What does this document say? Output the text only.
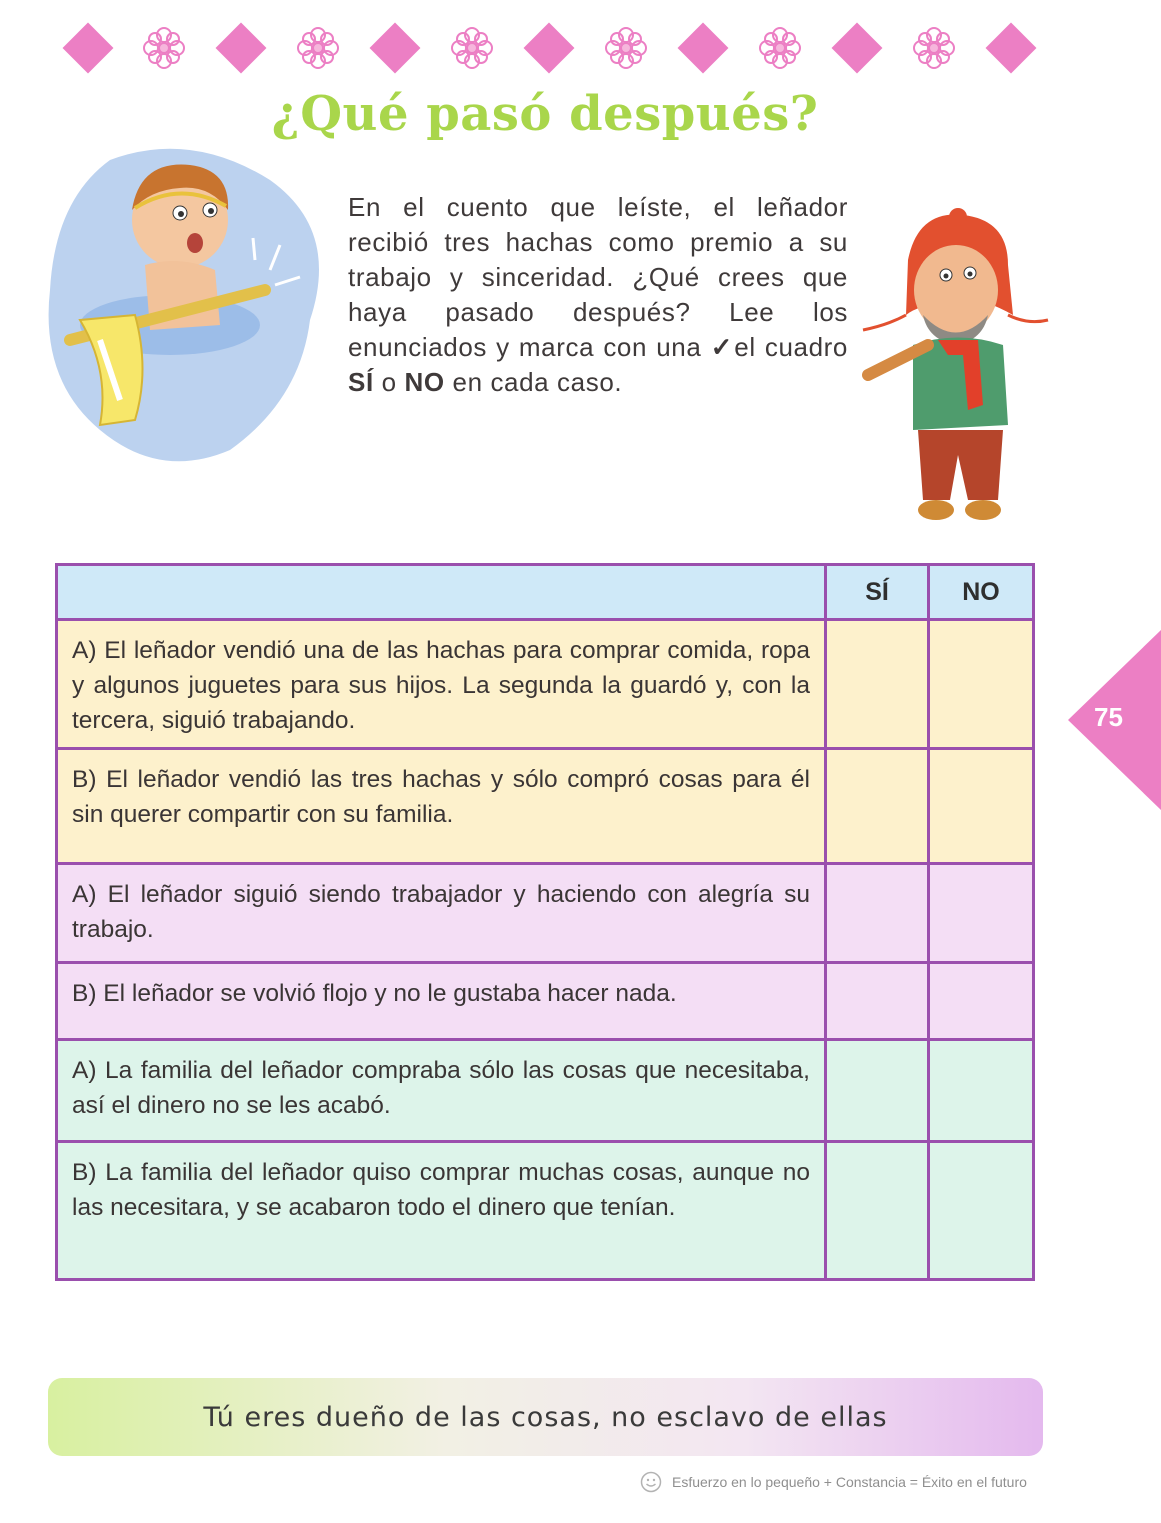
¿Qué pasó después?
En el cuento que leíste, el leñador recibió tres hachas como premio a su trabajo y sinceridad. ¿Qué crees que haya pasado después? Lee los enunciados y marca con una ✓el cuadro SÍ o NO en cada caso.
SÍ	NO
A) El leñador vendió una de las hachas para comprar comida, ropa y algunos juguetes para sus hijos. La segunda la guardó y, con la tercera, siguió trabajando.
B) El leñador vendió las tres hachas y sólo compró cosas para él sin querer compartir con su familia.
A) El leñador siguió siendo trabajador y haciendo con alegría su trabajo.
B) El leñador se volvió flojo y no le gustaba hacer nada.
A) La familia del leñador compraba sólo las cosas que necesitaba, así el dinero no se les acabó.
B) La familia del leñador quiso comprar muchas cosas, aunque no las necesitara, y se acabaron todo el dinero que tenían.
75
Tú eres dueño de las cosas, no esclavo de ellas
Esfuerzo en lo pequeño + Constancia = Éxito en el futuro
